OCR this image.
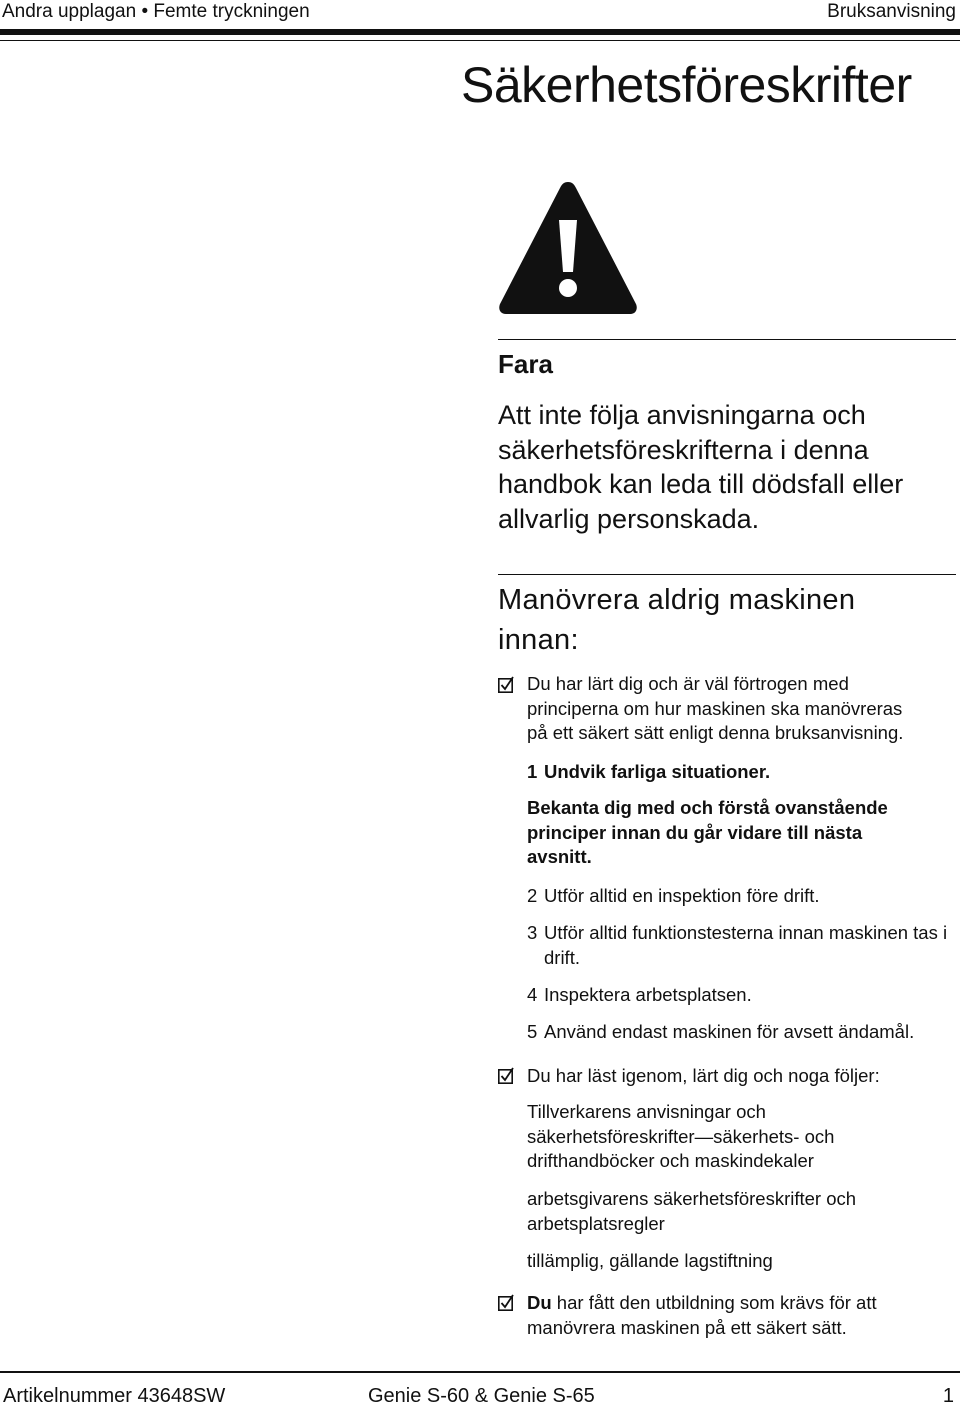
Andra upplagan • Femte tryckningen	Bruksanvisning
Säkerhetsföreskrifter
Fara

Att inte följa anvisningarna och säkerhetsföreskrifterna i denna handbok kan leda till dödsfall eller allvarlig personskada.

Manövrera aldrig maskinen innan:
Du har lärt dig och är väl förtrogen med principerna om hur maskinen ska manövreras på ett säkert sätt enligt denna bruksanvisning.
1 Undvik farliga situationer.
Bekanta dig med och förstå ovanstående principer innan du går vidare till nästa avsnitt.
2 Utför alltid en inspektion före drift.
3 Utför alltid funktionstesterna innan maskinen tas i drift.
4 Inspektera arbetsplatsen.
5 Använd endast maskinen för avsett ändamål.
Du har läst igenom, lärt dig och noga följer:
Tillverkarens anvisningar och säkerhetsföreskrifter—säkerhets- och drifthandböcker och maskindekaler
arbetsgivarens säkerhetsföreskrifter och arbetsplatsregler
tillämplig, gällande lagstiftning
Du har fått den utbildning som krävs för att manövrera maskinen på ett säkert sätt.
Artikelnummer 43648SW	Genie S-60 & Genie S-65	1
